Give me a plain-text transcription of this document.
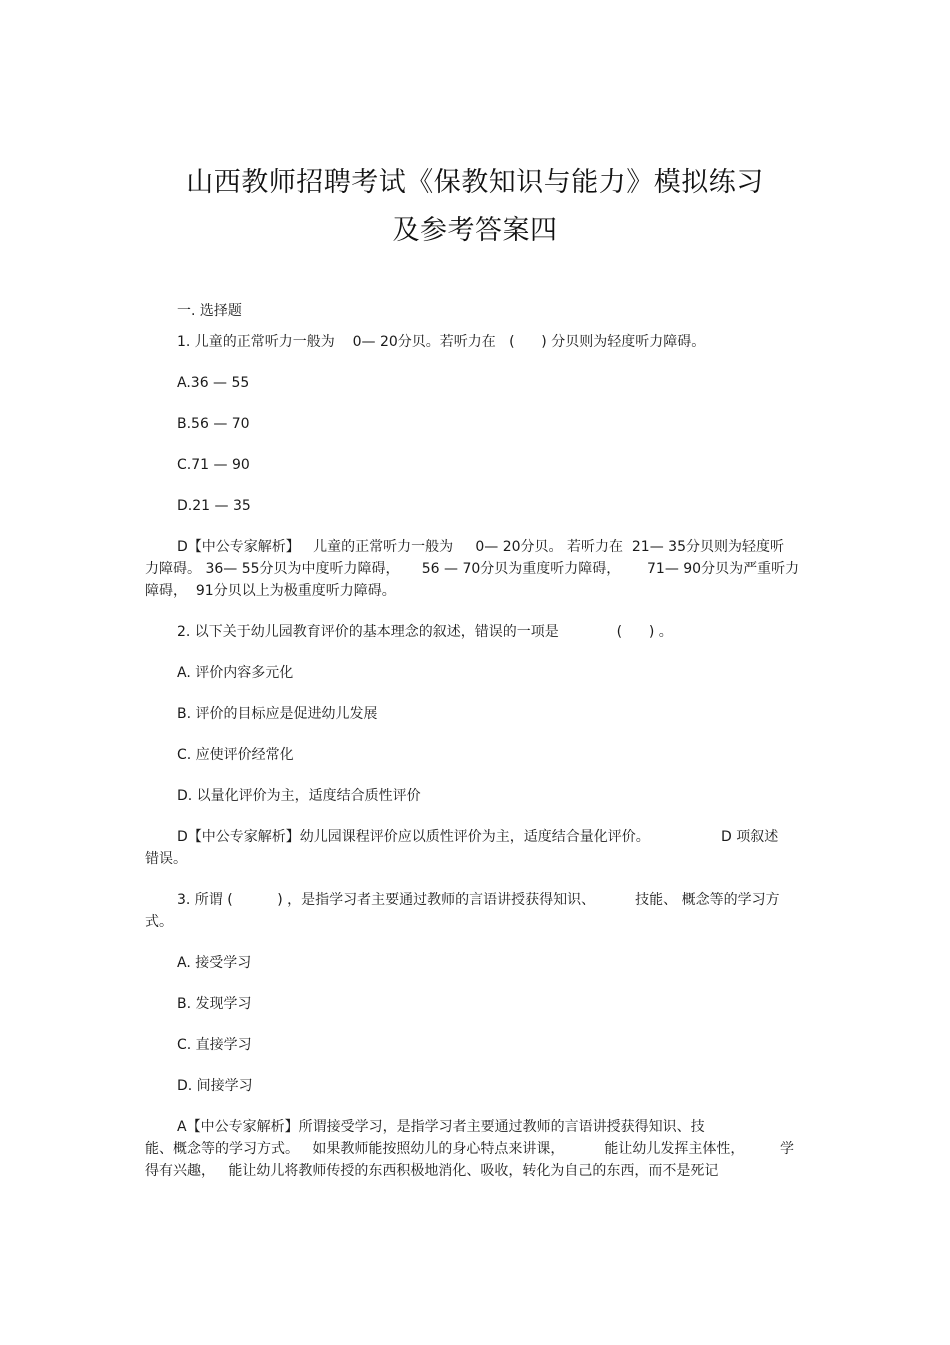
山西教师招聘考试《保教知识与能力》模拟练习
及参考答案四

一. 选择题

1. 儿童的正常听力一般为    0— 20分贝。若听力在   (      ) 分贝则为轻度听力障碍。

A.36 — 55

B.56 — 70

C.71 — 90

D.21 — 35

D【中公专家解析】   儿童的正常听力一般为     0— 20分贝。 若听力在  21— 35分贝则为轻度听
力障碍。 36— 55分贝为中度听力障碍，     56 — 70分贝为重度听力障碍，      71— 90分贝为严重听力
障碍，  91分贝以上为极重度听力障碍。

2. 以下关于幼儿园教育评价的基本理念的叙述，错误的一项是             (      ) 。

A. 评价内容多元化

B. 评价的目标应是促进幼儿发展

C. 应使评价经常化

D. 以量化评价为主，适度结合质性评价

D【中公专家解析】幼儿园课程评价应以质性评价为主，适度结合量化评价。                D 项叙述
错误。
3. 所谓 (          ) ，是指学习者主要通过教师的言语讲授获得知识、         技能、 概念等的学习方
式。

A. 接受学习

B. 发现学习

C. 直接学习

D. 间接学习

A【中公专家解析】所谓接受学习，是指学习者主要通过教师的言语讲授获得知识、技
能、概念等的学习方式。   如果教师能按照幼儿的身心特点来讲课，         能让幼儿发挥主体性，        学
得有兴趣，   能让幼儿将教师传授的东西积极地消化、吸收，转化为自己的东西，而不是死记
